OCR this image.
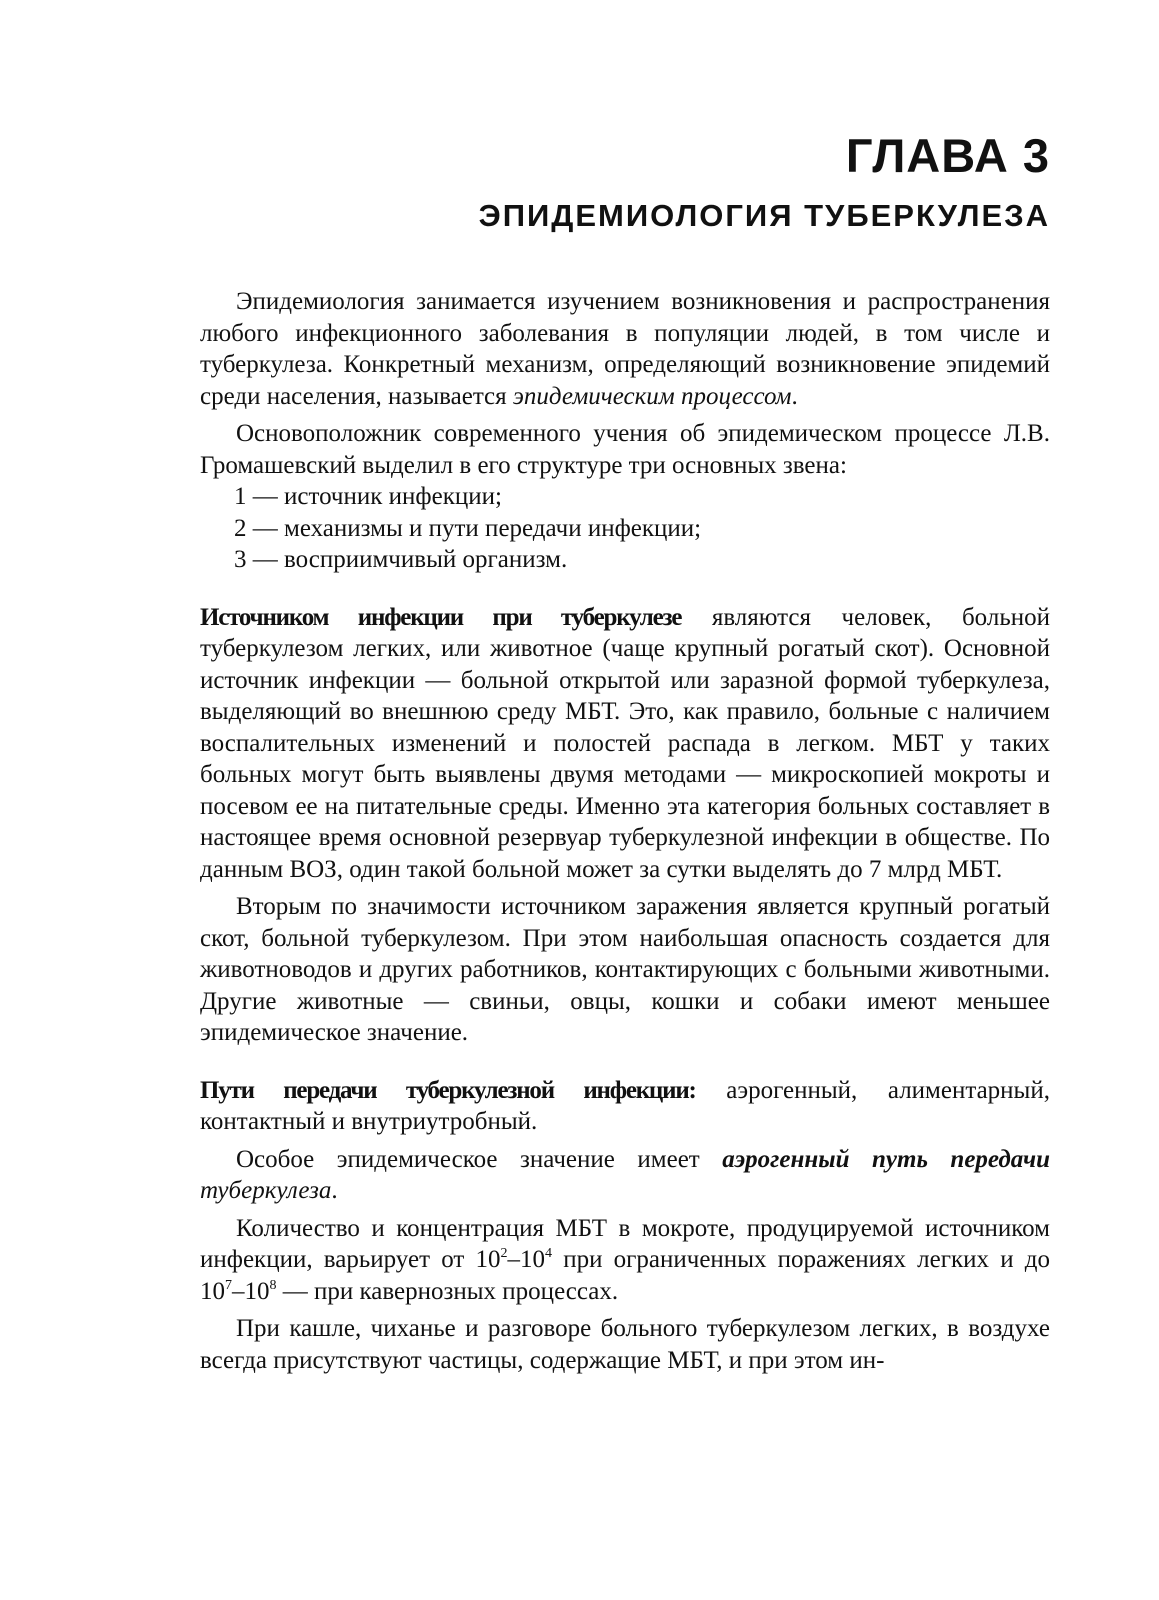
ГЛАВА 3
ЭПИДЕМИОЛОГИЯ ТУБЕРКУЛЕЗА

Эпидемиология занимается изучением возникновения и распространения любого инфекционного заболевания в популяции людей, в том числе и туберкулеза. Конкретный механизм, определяющий возникновение эпидемий среди населения, называется эпидемическим процессом.

Основоположник современного учения об эпидемическом процессе Л.В. Громашевский выделил в его структуре три основных звена:

1 — источник инфекции;

2 — механизмы и пути передачи инфекции;

3 — восприимчивый организм.

Источником инфекции при туберкулезе являются человек, больной туберкулезом легких, или животное (чаще крупный рогатый скот). Основной источник инфекции — больной открытой или заразной формой туберкулеза, выделяющий во внешнюю среду МБТ. Это, как правило, больные с наличием воспалительных изменений и полостей распада в легком. МБТ у таких больных могут быть выявлены двумя методами — микроскопией мокроты и посевом ее на питательные среды. Именно эта категория больных составляет в настоящее время основной резервуар туберкулезной инфекции в обществе. По данным ВОЗ, один такой больной может за сутки выделять до 7 млрд МБТ.

Вторым по значимости источником заражения является крупный рогатый скот, больной туберкулезом. При этом наибольшая опасность создается для животноводов и других работников, контактирующих с больными животными. Другие животные — свиньи, овцы, кошки и собаки имеют меньшее эпидемическое значение.

Пути передачи туберкулезной инфекции: аэрогенный, алиментарный, контактный и внутриутробный.

Особое эпидемическое значение имеет аэрогенный путь передачи туберкулеза.

Количество и концентрация МБТ в мокроте, продуцируемой источником инфекции, варьирует от $10^2-10^4$ при ограниченных поражениях легких и до $10^7-10^8$ — при кавернозных процессах.

При кашле, чиханье и разговоре больного туберкулезом легких, в воздухе всегда присутствуют частицы, содержащие МБТ, и при этом ин-
